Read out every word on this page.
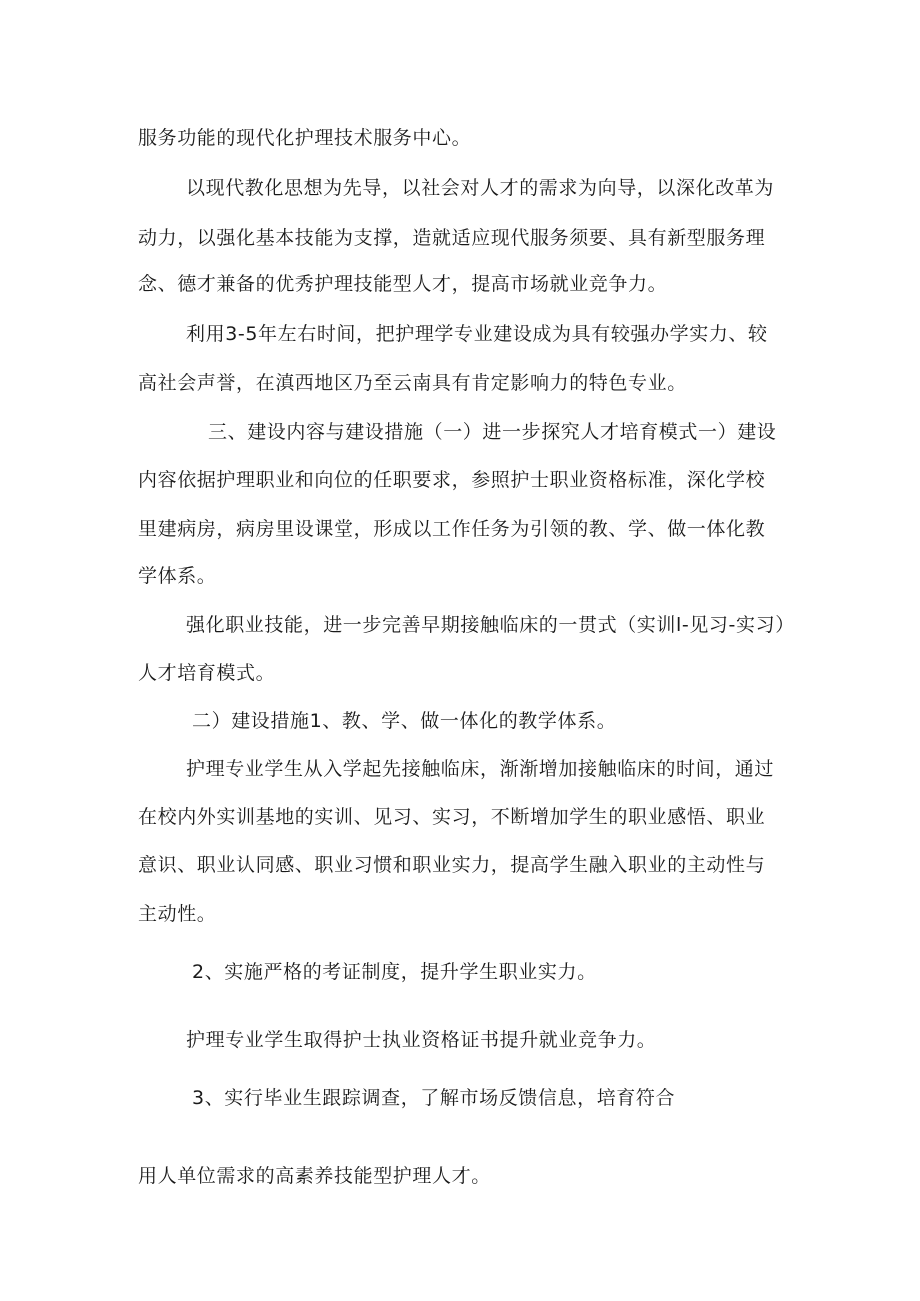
服务功能的现代化护理技术服务中心。
以现代教化思想为先导，以社会对人才的需求为向导，以深化改革为
动力，以强化基本技能为支撑，造就适应现代服务须要、具有新型服务理
念、德才兼备的优秀护理技能型人才，提高市场就业竞争力。
利用3-5年左右时间，把护理学专业建设成为具有较强办学实力、较
高社会声誉，在滇西地区乃至云南具有肯定影响力的特色专业。
三、建设内容与建设措施（一）进一步探究人才培育模式一）建设
内容依据护理职业和向位的任职要求，参照护士职业资格标准，深化学校
里建病房，病房里设课堂，形成以工作任务为引领的教、学、做一体化教
学体系。
强化职业技能，进一步完善早期接触临床的一贯式（实训l-见习-实习）
人才培育模式。
二）建设措施1、教、学、做一体化的教学体系。
护理专业学生从入学起先接触临床，渐渐增加接触临床的时间，通过
在校内外实训基地的实训、见习、实习，不断增加学生的职业感悟、职业
意识、职业认同感、职业习惯和职业实力，提高学生融入职业的主动性与
主动性。
2、实施严格的考证制度，提升学生职业实力。
护理专业学生取得护士执业资格证书提升就业竞争力。
3、实行毕业生跟踪调查，了解市场反馈信息，培育符合
用人单位需求的高素养技能型护理人才。
